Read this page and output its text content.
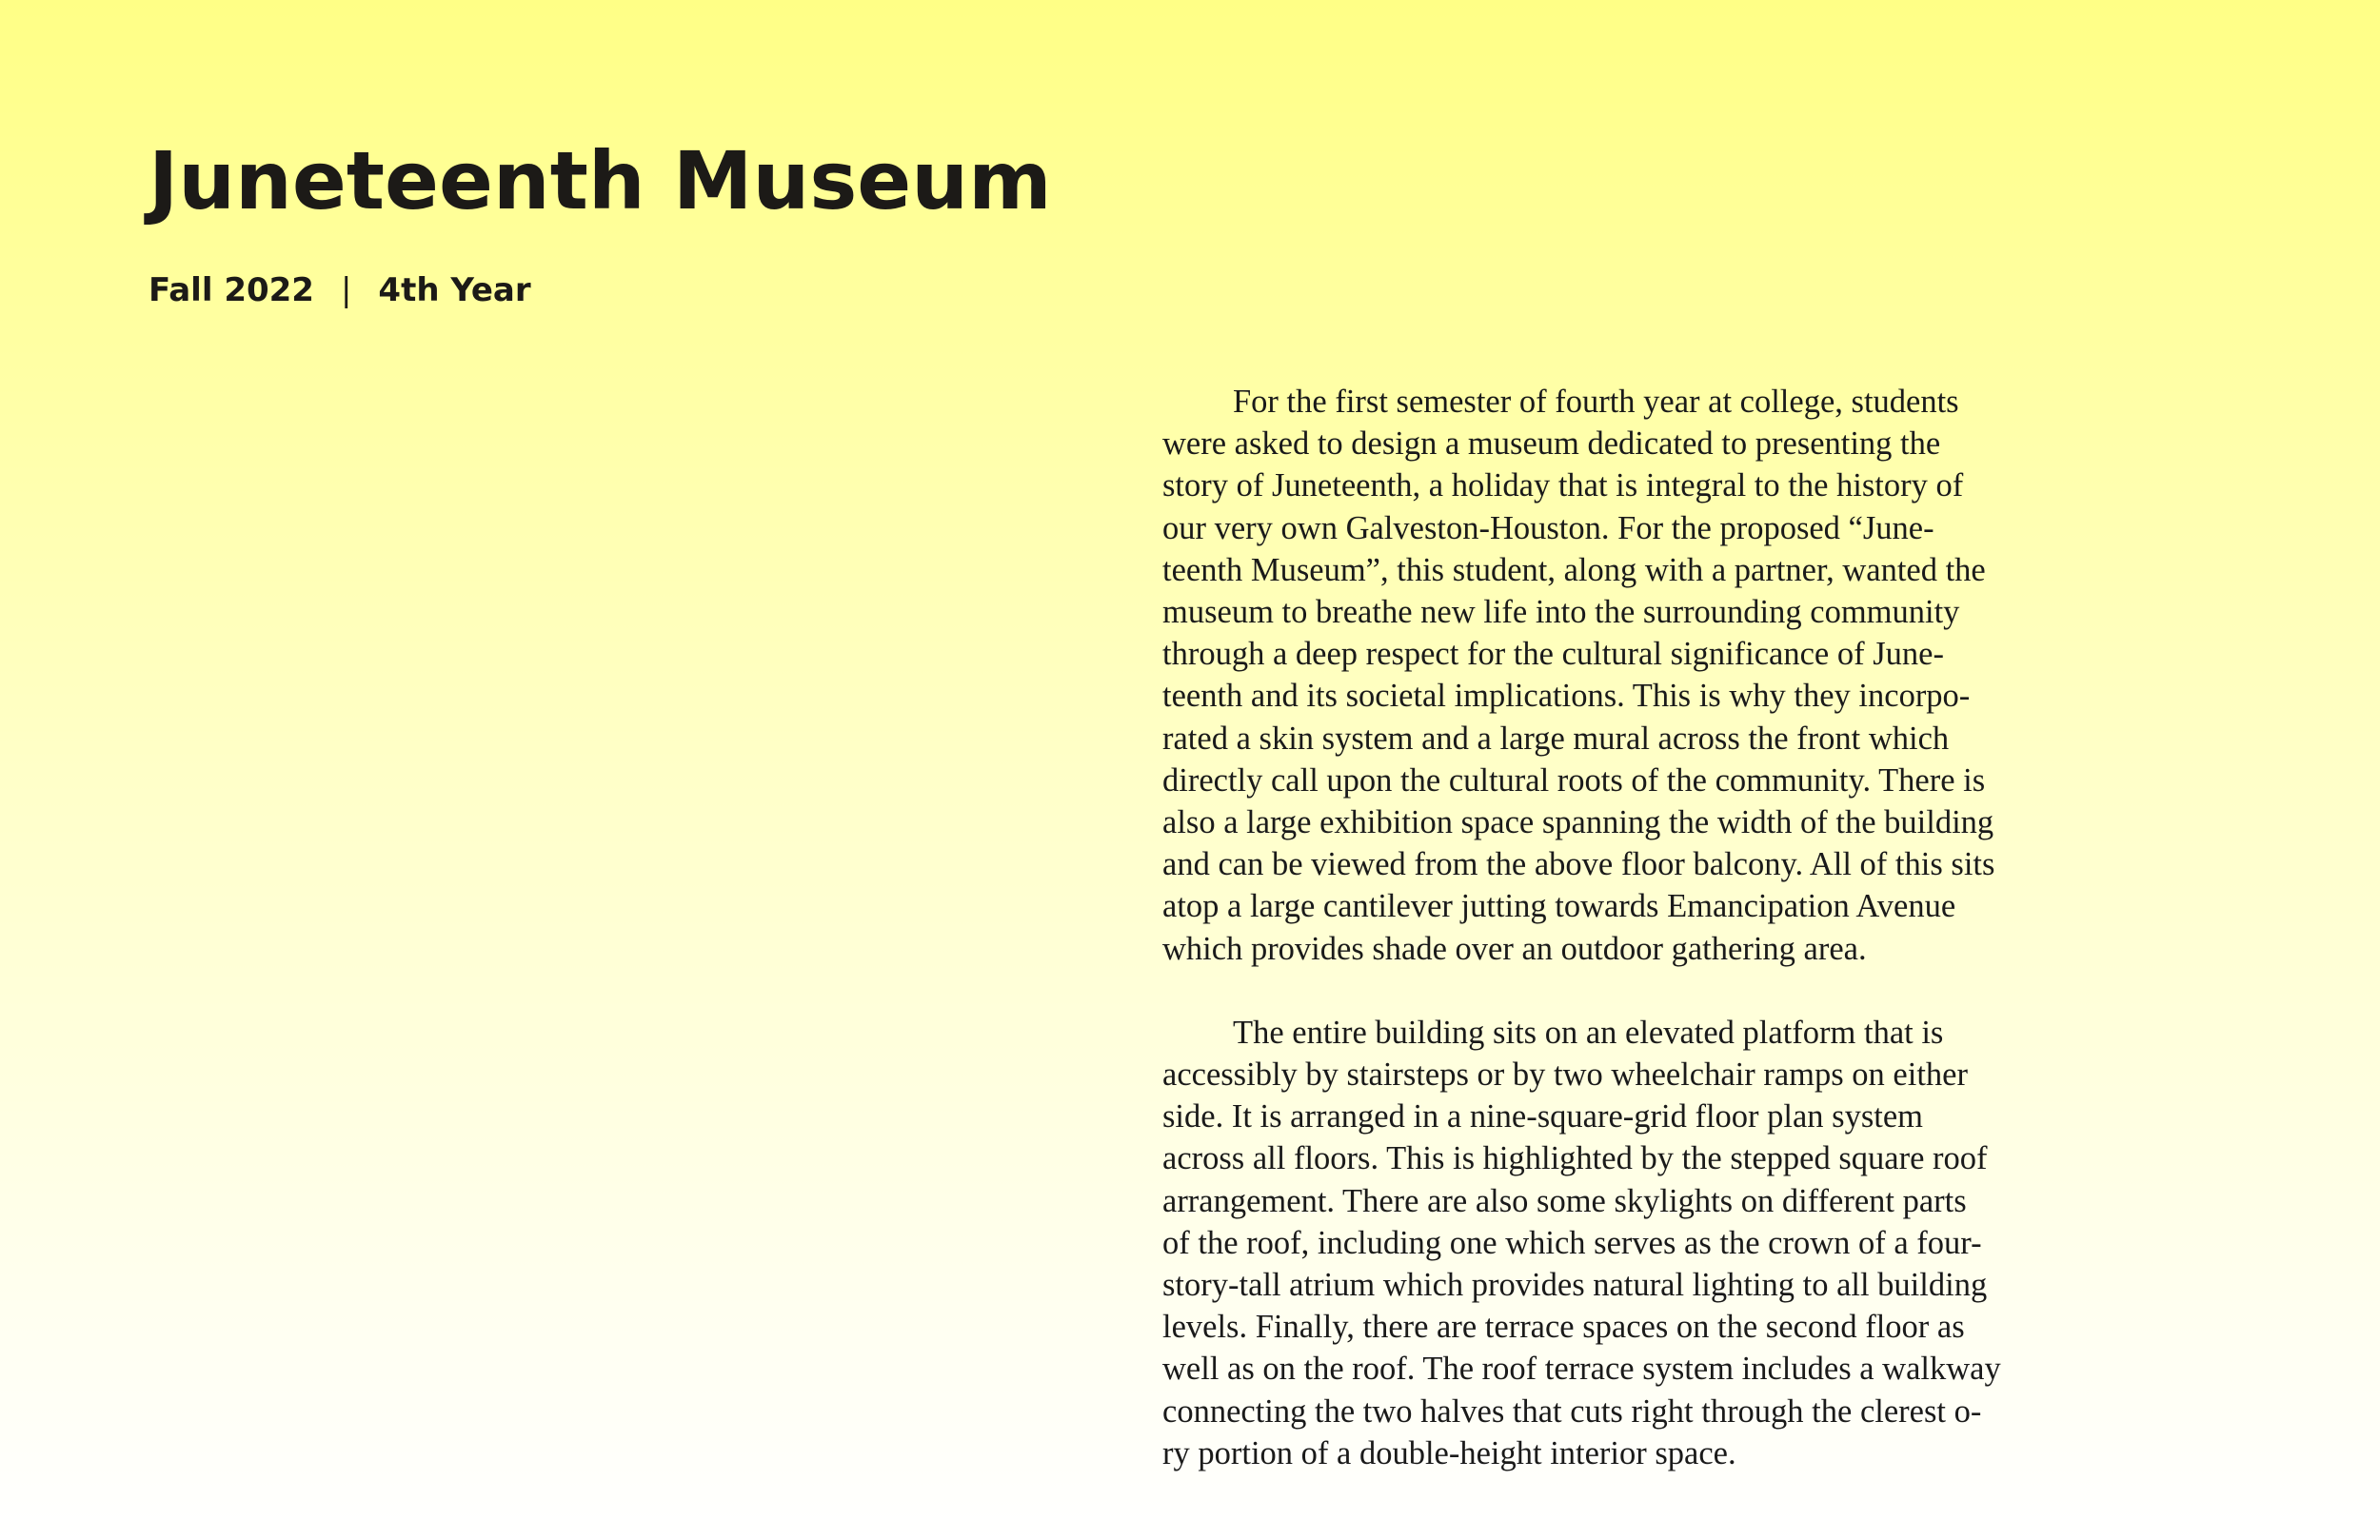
Juneteenth Museum
Fall 2022 | 4th Year

For the first semester of fourth year at college, students
were asked to design a museum dedicated to presenting the
story of Juneteenth, a holiday that is integral to the history of
our very own Galveston-Houston. For the proposed “June-
teenth Museum”, this student, along with a partner, wanted the
museum to breathe new life into the surrounding community
through a deep respect for the cultural significance of June-
teenth and its societal implications. This is why they incorpo-
rated a skin system and a large mural across the front which
directly call upon the cultural roots of the community. There is
also a large exhibition space spanning the width of the building
and can be viewed from the above floor balcony. All of this sits
atop a large cantilever jutting towards Emancipation Avenue
which provides shade over an outdoor gathering area.

The entire building sits on an elevated platform that is
accessibly by stairsteps or by two wheelchair ramps on either
side. It is arranged in a nine-square-grid floor plan system
across all floors. This is highlighted by the stepped square roof
arrangement. There are also some skylights on different parts
of the roof, including one which serves as the crown of a four-
story-tall atrium which provides natural lighting to all building
levels. Finally, there are terrace spaces on the second floor as
well as on the roof. The roof terrace system includes a walkway
connecting the two halves that cuts right through the clerest o-
ry portion of a double-height interior space.
